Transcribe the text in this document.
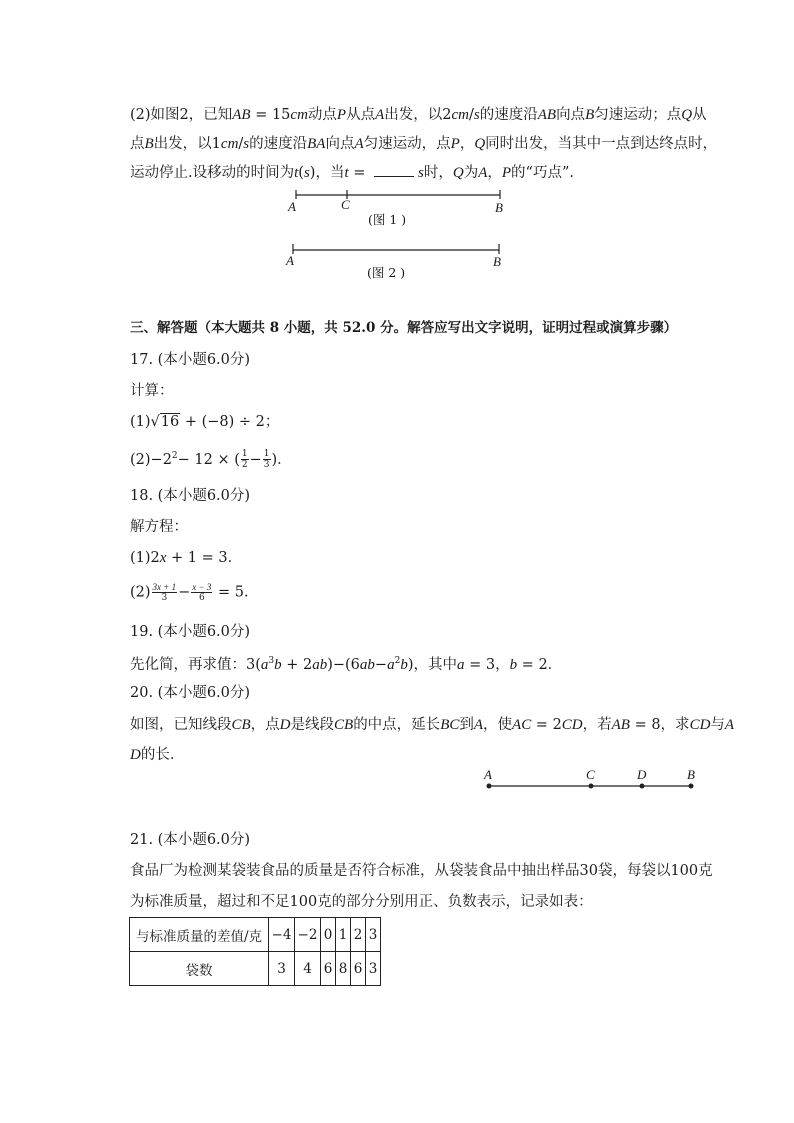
(2)如图2，已知AB = 15cm动点P从点A出发，以2cm/s的速度沿AB向点B匀速运动；点Q从
点B出发，以1cm/s的速度沿BA向点A匀速运动，点P，Q同时出发，当其中一点到达终点时，
运动停止.设移动的时间为t(s)，当t =	s时，Q为A，P的“巧点”．
A	C	B
(图 1 )
A	B
(图 2 )
三、解答题（本大题共 8 小题，共 52.0 分。解答应写出文字说明，证明过程或演算步骤）
17. (本小题6.0分)
计算：
(1)√16 + (−8) ÷ 2；
$(2)-2^2- 12$ × ( $\frac{1}{2} - \frac{1}{3}$ )．
18. (本小题6.0分)
解方程：
(1)2x + 1 = 3．
$(2) \frac{3x + 1}{3} - \frac{x - 3}{6} = 5$．
19. (本小题6.0分)
先化简，再求值：$3(a^3b + 2ab)-(6ab-a^2b)$，其中a = 3，b = 2．
20. (本小题6.0分)
如图，已知线段CB，点D是线段CB的中点，延长BC到A，使AC = 2CD，若AB = 8，求CD与A
D的长．
A	C	D	B
21. (本小题6.0分)
食品厂为检测某袋装食品的质量是否符合标准，从袋装食品中抽出样品30袋，每袋以100克
为标准质量，超过和不足100克的部分分别用正、负数表示，记录如表：
与标准质量的差值/克	−4	−2	0	1	2	3
袋数	3	4	6	8	6	3
